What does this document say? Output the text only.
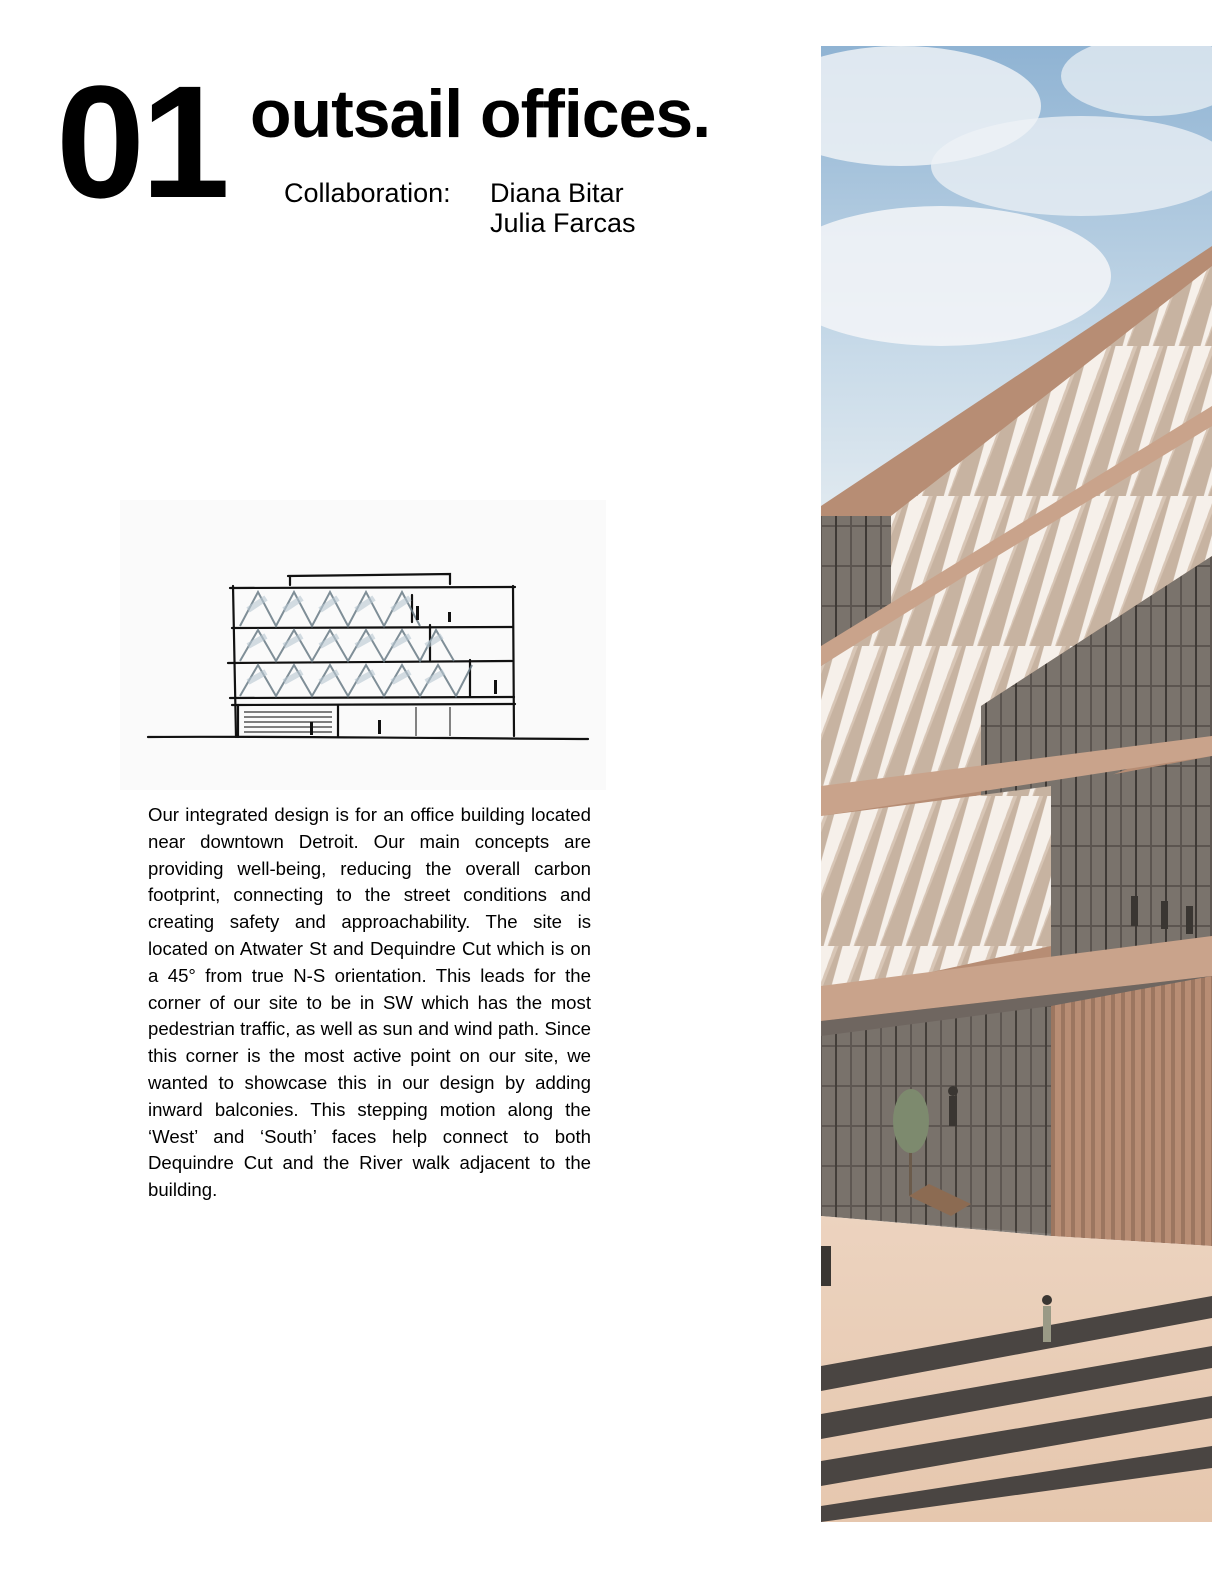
01 outsail offices.
Collaboration: Diana Bitar
Julia Farcas
Our integrated design is for an office building located near downtown Detroit. Our main concepts are providing well-being, reducing the overall carbon footprint, connecting to the street conditions and creating safety and approachability. The site is located on Atwater St and Dequindre Cut which is on a 45° from true N-S orientation. This leads for the corner of our site to be in SW which has the most pedestrian traffic, as well as sun and wind path. Since this corner is the most active point on our site, we wanted to showcase this in our design by adding inward balconies. This stepping motion along the ‘West’ and ‘South’ faces help connect to both Dequindre Cut and the River walk adjacent to the building.
